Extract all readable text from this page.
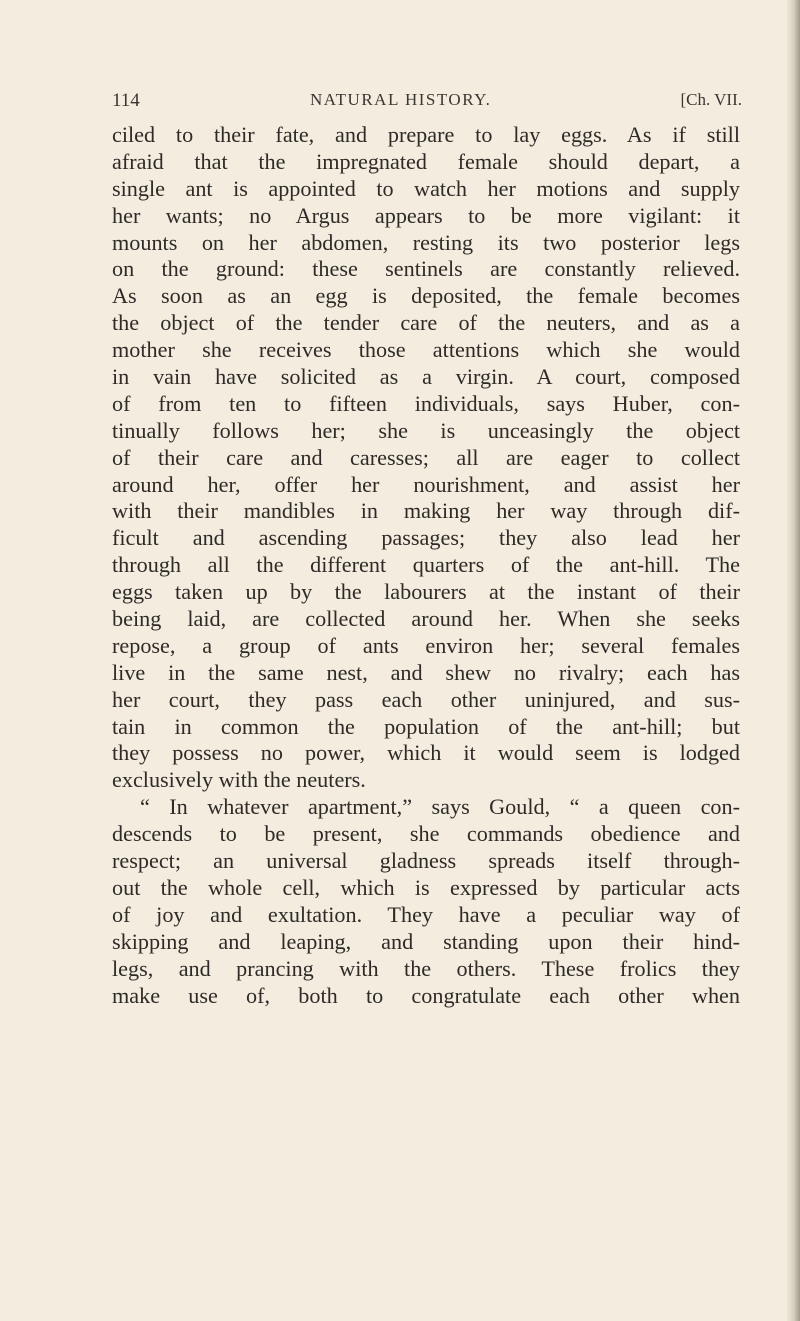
114	NATURAL HISTORY.	[Ch. VII.
ciled to their fate, and prepare to lay eggs. As if still
afraid that the impregnated female should depart, a
single ant is appointed to watch her motions and supply
her wants; no Argus appears to be more vigilant: it
mounts on her abdomen, resting its two posterior legs
on the ground: these sentinels are constantly relieved.
As soon as an egg is deposited, the female becomes
the object of the tender care of the neuters, and as a
mother she receives those attentions which she would
in vain have solicited as a virgin. A court, composed
of from ten to fifteen individuals, says Huber, con-
tinually follows her; she is unceasingly the object
of their care and caresses; all are eager to collect
around her, offer her nourishment, and assist her
with their mandibles in making her way through dif-
ficult and ascending passages; they also lead her
through all the different quarters of the ant-hill. The
eggs taken up by the labourers at the instant of their
being laid, are collected around her. When she seeks
repose, a group of ants environ her; several females
live in the same nest, and shew no rivalry; each has
her court, they pass each other uninjured, and sus-
tain in common the population of the ant-hill; but
they possess no power, which it would seem is lodged
exclusively with the neuters.
“ In whatever apartment,” says Gould, “ a queen con-
descends to be present, she commands obedience and
respect; an universal gladness spreads itself through-
out the whole cell, which is expressed by particular acts
of joy and exultation. They have a peculiar way of
skipping and leaping, and standing upon their hind-
legs, and prancing with the others. These frolics they
make use of, both to congratulate each other when
